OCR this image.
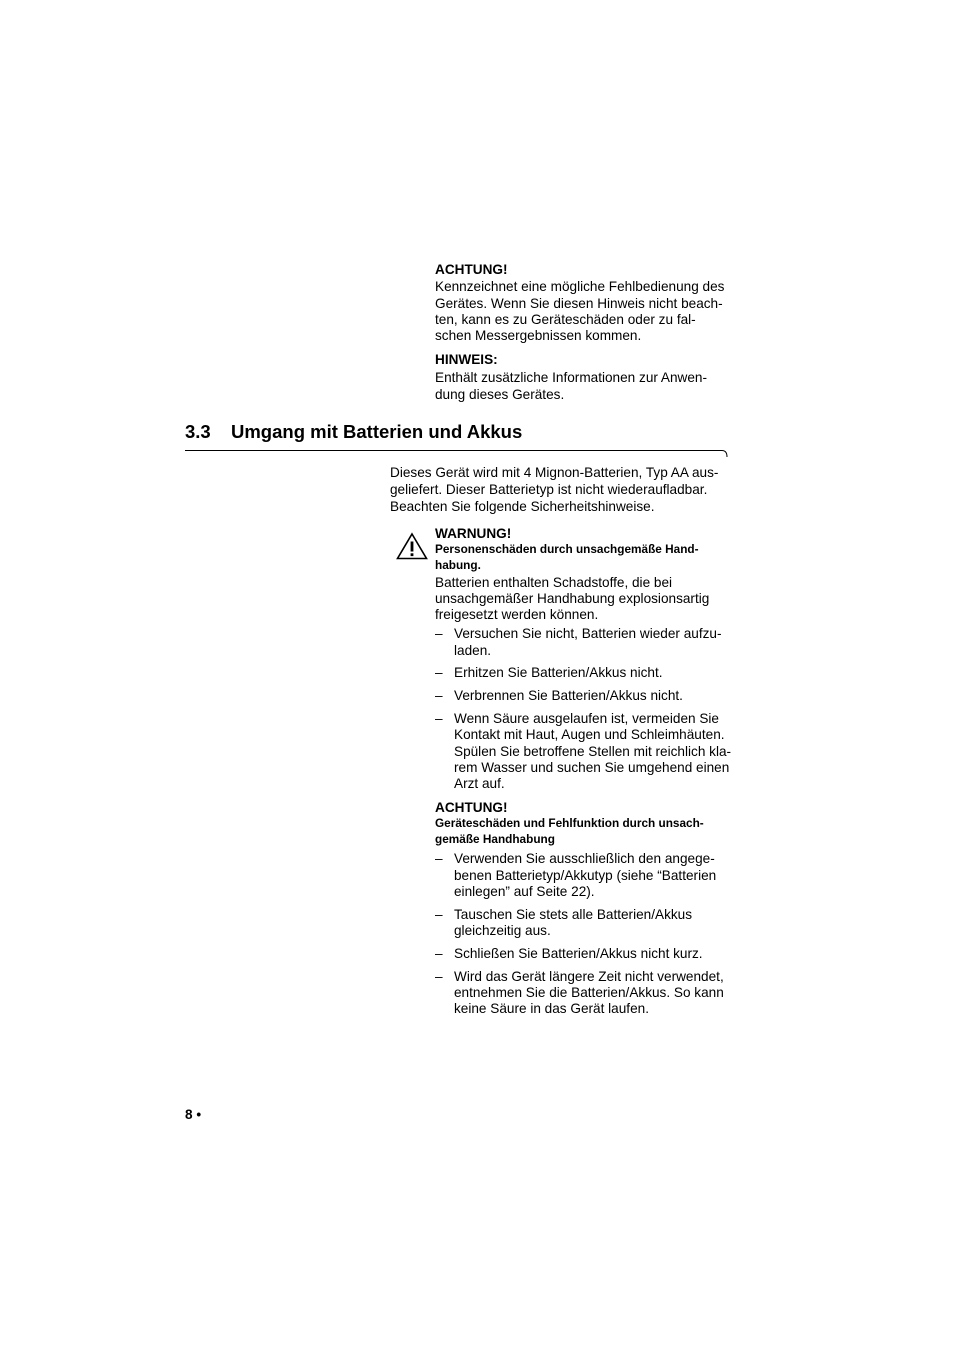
ACHTUNG!
Kennzeichnet eine mögliche Fehlbedienung des
Gerätes. Wenn Sie diesen Hinweis nicht beach-
ten, kann es zu Geräteschäden oder zu fal-
schen Messergebnissen kommen.
HINWEIS:
Enthält zusätzliche Informationen zur Anwen-
dung dieses Gerätes.
3.3 Umgang mit Batterien und Akkus
Dieses Gerät wird mit 4 Mignon-Batterien, Typ AA aus-
geliefert. Dieser Batterietyp ist nicht wiederaufladbar.
Beachten Sie folgende Sicherheitshinweise.
WARNUNG!
Personenschäden durch unsachgemäße Hand-
habung.
Batterien enthalten Schadstoffe, die bei
unsachgemäßer Handhabung explosionsartig
freigesetzt werden können.
– Versuchen Sie nicht, Batterien wieder aufzu-
laden.
– Erhitzen Sie Batterien/Akkus nicht.
– Verbrennen Sie Batterien/Akkus nicht.
– Wenn Säure ausgelaufen ist, vermeiden Sie
Kontakt mit Haut, Augen und Schleimhäuten.
Spülen Sie betroffene Stellen mit reichlich kla-
rem Wasser und suchen Sie umgehend einen
Arzt auf.
ACHTUNG!
Geräteschäden und Fehlfunktion durch unsach-
gemäße Handhabung
– Verwenden Sie ausschließlich den angege-
benen Batterietyp/Akkutyp (siehe “Batterien
einlegen” auf Seite 22).
– Tauschen Sie stets alle Batterien/Akkus
gleichzeitig aus.
– Schließen Sie Batterien/Akkus nicht kurz.
– Wird das Gerät längere Zeit nicht verwendet,
entnehmen Sie die Batterien/Akkus. So kann
keine Säure in das Gerät laufen.
8 •
